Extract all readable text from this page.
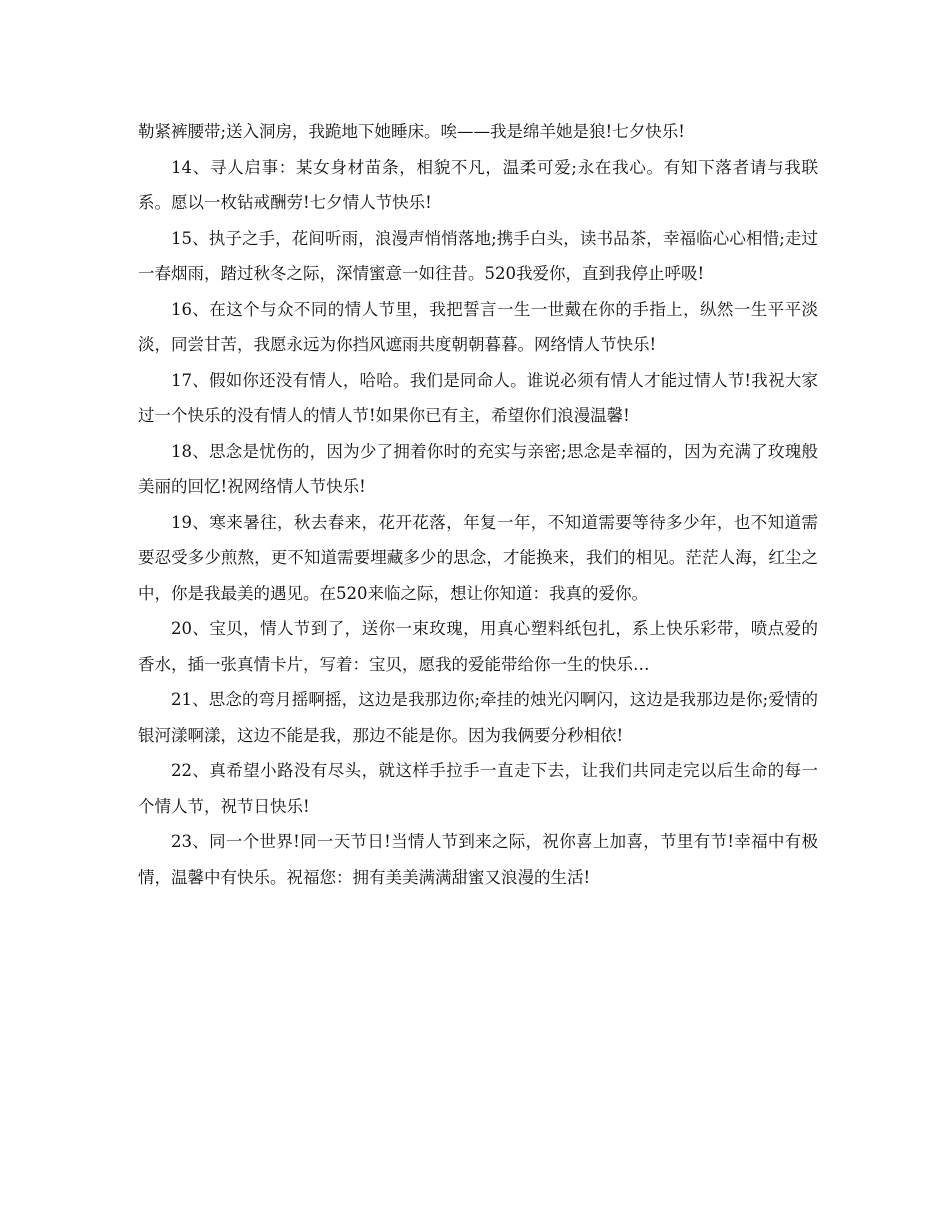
勒紧裤腰带;送入洞房，我跪地下她睡床。唉——我是绵羊她是狼!七夕快乐!

14、寻人启事：某女身材苗条，相貌不凡，温柔可爱;永在我心。有知下落者请与我联系。愿以一枚钻戒酬劳!七夕情人节快乐!

15、执子之手，花间听雨，浪漫声悄悄落地;携手白头，读书品茶，幸福临心心相惜;走过一春烟雨，踏过秋冬之际，深情蜜意一如往昔。520我爱你，直到我停止呼吸!

16、在这个与众不同的情人节里，我把誓言一生一世戴在你的手指上，纵然一生平平淡淡，同尝甘苦，我愿永远为你挡风遮雨共度朝朝暮暮。网络情人节快乐!

17、假如你还没有情人，哈哈。我们是同命人。谁说必须有情人才能过情人节!我祝大家过一个快乐的没有情人的情人节!如果你已有主，希望你们浪漫温馨!

18、思念是忧伤的，因为少了拥着你时的充实与亲密;思念是幸福的，因为充满了玫瑰般美丽的回忆!祝网络情人节快乐!

19、寒来暑往，秋去春来，花开花落，年复一年，不知道需要等待多少年，也不知道需要忍受多少煎熬，更不知道需要埋藏多少的思念，才能换来，我们的相见。茫茫人海，红尘之中，你是我最美的遇见。在520来临之际，想让你知道：我真的爱你。

20、宝贝，情人节到了，送你一束玫瑰，用真心塑料纸包扎，系上快乐彩带，喷点爱的香水，插一张真情卡片，写着：宝贝，愿我的爱能带给你一生的快乐…

21、思念的弯月摇啊摇，这边是我那边你;牵挂的烛光闪啊闪，这边是我那边是你;爱情的银河漾啊漾，这边不能是我，那边不能是你。因为我俩要分秒相依!

22、真希望小路没有尽头，就这样手拉手一直走下去，让我们共同走完以后生命的每一个情人节，祝节日快乐!

23、同一个世界!同一天节日!当情人节到来之际，祝你喜上加喜，节里有节!幸福中有极情，温馨中有快乐。祝福您：拥有美美满满甜蜜又浪漫的生活!
